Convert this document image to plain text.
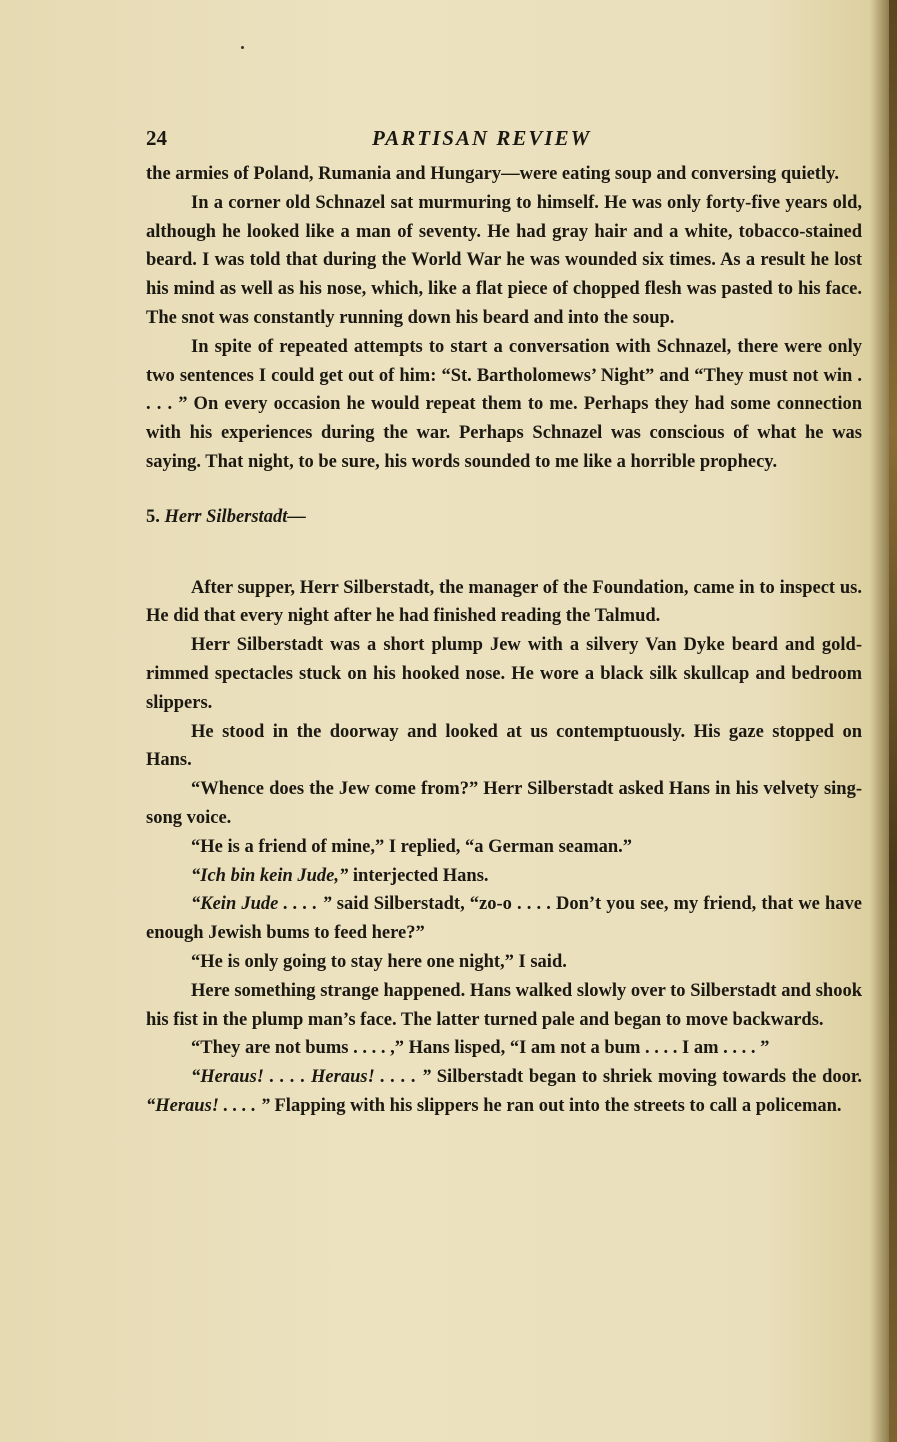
24	PARTISAN REVIEW

the armies of Poland, Rumania and Hungary—were eating soup and conversing quietly.

In a corner old Schnazel sat murmuring to himself. He was only forty-five years old, although he looked like a man of seventy. He had gray hair and a white, tobacco-stained beard. I was told that during the World War he was wounded six times. As a result he lost his mind as well as his nose, which, like a flat piece of chopped flesh was pasted to his face. The snot was constantly running down his beard and into the soup.

In spite of repeated attempts to start a conversation with Schnazel, there were only two sentences I could get out of him: “St. Bartholomews’ Night” and “They must not win . . . . ” On every occasion he would repeat them to me. Perhaps they had some connection with his experiences during the war. Perhaps Schnazel was conscious of what he was saying. That night, to be sure, his words sounded to me like a horrible prophecy.

5. Herr Silberstadt—

After supper, Herr Silberstadt, the manager of the Foundation, came in to inspect us. He did that every night after he had finished reading the Talmud.

Herr Silberstadt was a short plump Jew with a silvery Van Dyke beard and gold-rimmed spectacles stuck on his hooked nose. He wore a black silk skullcap and bedroom slippers.

He stood in the doorway and looked at us contemptuously. His gaze stopped on Hans.

“Whence does the Jew come from?” Herr Silberstadt asked Hans in his velvety sing-song voice.

“He is a friend of mine,” I replied, “a German seaman.”

“Ich bin kein Jude,” interjected Hans.

“Kein Jude . . . . ” said Silberstadt, “zo-o . . . . Don’t you see, my friend, that we have enough Jewish bums to feed here?”

“He is only going to stay here one night,” I said.

Here something strange happened. Hans walked slowly over to Silberstadt and shook his fist in the plump man’s face. The latter turned pale and began to move backwards.

“They are not bums . . . . ,” Hans lisped, “I am not a bum . . . . I am . . . . ”

“Heraus! . . . . Heraus! . . . . ” Silberstadt began to shriek moving towards the door. “Heraus! . . . . ” Flapping with his slippers he ran out into the streets to call a policeman.
